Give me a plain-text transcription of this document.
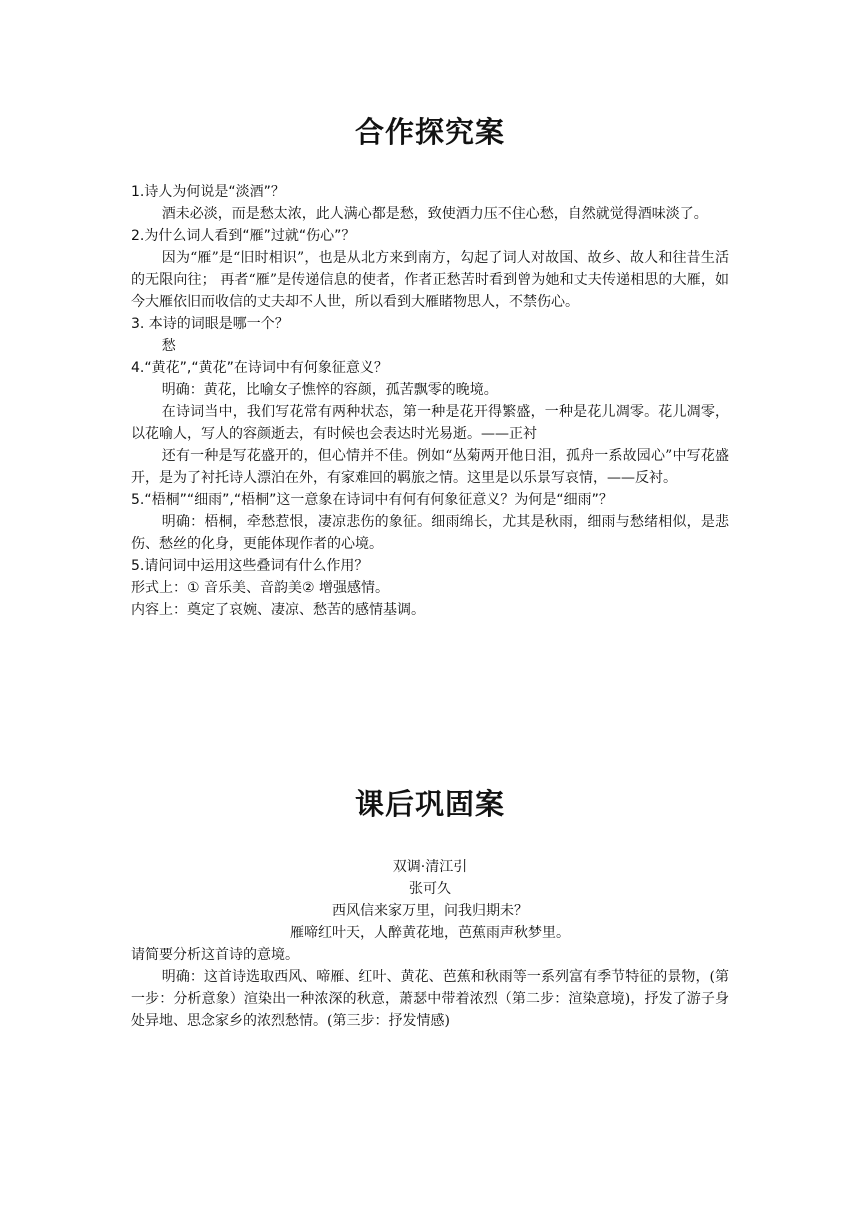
合作探究案

1.诗人为何说是“淡酒”？

酒未必淡，而是愁太浓，此人满心都是愁，致使酒力压不住心愁，自然就觉得酒味淡了。

2.为什么词人看到“雁”过就“伤心”？

因为“雁”是“旧时相识”，也是从北方来到南方，勾起了词人对故国、故乡、故人和往昔生活的无限向往； 再者“雁”是传递信息的使者，作者正愁苦时看到曾为她和丈夫传递相思的大雁，如今大雁依旧而收信的丈夫却不人世，所以看到大雁睹物思人，不禁伤心。

3. 本诗的词眼是哪一个？

愁

4.“黄花”,“黄花”在诗词中有何象征意义？

明确：黄花，比喻女子憔悴的容颜，孤苦飘零的晚境。

在诗词当中，我们写花常有两种状态，第一种是花开得繁盛，一种是花儿凋零。花儿凋零，以花喻人，写人的容颜逝去，有时候也会表达时光易逝。——正衬

还有一种是写花盛开的，但心情并不佳。例如“丛菊两开他日泪，孤舟一系故园心”中写花盛开，是为了衬托诗人漂泊在外，有家难回的羁旅之情。这里是以乐景写哀情，——反衬。

5.“梧桐”“细雨”,“梧桐”这一意象在诗词中有何有何象征意义？为何是“细雨”？

明确：梧桐，牵愁惹恨，凄凉悲伤的象征。细雨绵长，尤其是秋雨，细雨与愁绪相似，是悲伤、愁丝的化身，更能体现作者的心境。

5.请问词中运用这些叠词有什么作用？

形式上：① 音乐美、音韵美② 增强感情。

内容上：奠定了哀婉、凄凉、愁苦的感情基调。

课后巩固案

双调·清江引

张可久

西风信来家万里，问我归期未？

雁啼红叶天，人醉黄花地，芭蕉雨声秋梦里。

请简要分析这首诗的意境。

明确：这首诗选取西风、啼雁、红叶、黄花、芭蕉和秋雨等一系列富有季节特征的景物，(第一步：分析意象）渲染出一种浓深的秋意，萧瑟中带着浓烈（第二步：渲染意境)，抒发了游子身处异地、思念家乡的浓烈愁情。(第三步：抒发情感)
